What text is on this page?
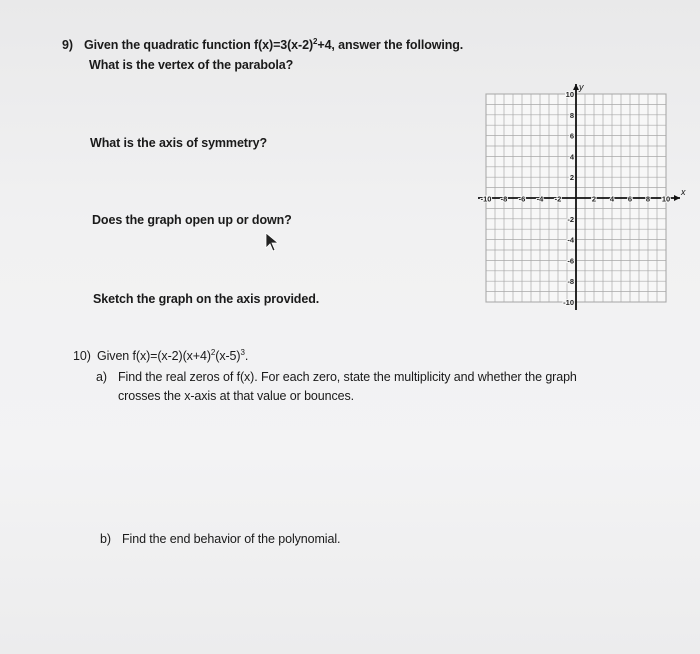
9) Given the quadratic function $f(x)=3(x-2)^2+4$, answer the following.
What is the vertex of the parabola?
What is the axis of symmetry?
Does the graph open up or down?
Sketch the graph on the axis provided.
x
y
-10 -8 -6 -4 -2	2 4 6 8 10
10
8
6
4
2
-2
-4
-6
-8
-10
10) Given $f(x)=(x-2)(x+4)^2(x-5)^3$.
a) Find the real zeros of f(x). For each zero, state the multiplicity and whether the graph
crosses the x-axis at that value or bounces.
b) Find the end behavior of the polynomial.
